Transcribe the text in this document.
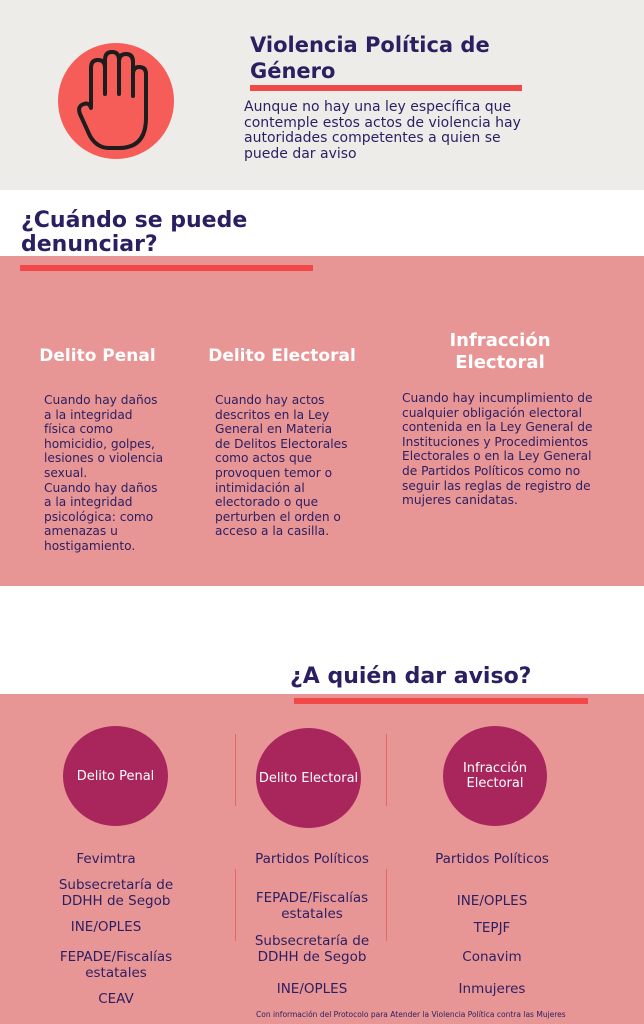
Violencia Política de Género

Aunque no hay una ley específica que contemple estos actos de violencia hay autoridades competentes a quien se puede dar aviso

Delito Penal

Cuando hay daños
a la integridad
física como
homicidio, golpes,
lesiones o violencia
sexual.
Cuando hay daños
a la integridad
psicológica: como
amenazas u
hostigamiento.

Delito Electoral

Cuando hay actos
descritos en la Ley
General en Materia
de Delitos Electorales
como actos que
provoquen temor o
intimidación al
electorado o que
perturben el orden o
acceso a la casilla.

Infracción Electoral

Cuando hay incumplimiento de
cualquier obligación electoral
contenida en la Ley General de
Instituciones y Procedimientos
Electorales o en la Ley General
de Partidos Políticos como no
seguir las reglas de registro de
mujeres canidatas.

¿Cuándo se puede denunciar?
Delito Penal	Delito Electoral
Infracción Electoral

Fevimtra

Subsecretaría de
DDHH de Segob

INE/OPLES

FEPADE/Fiscalías
estatales

CEAV

Partidos Políticos

FEPADE/Fiscalías
estatales

Subsecretaría de
DDHH de Segob

INE/OPLES

Partidos Políticos

INE/OPLES

TEPJF

Conavim

Inmujeres

¿A quién dar aviso?

Con información del Protocolo para Atender la Violencia Política contra las Mujeres
